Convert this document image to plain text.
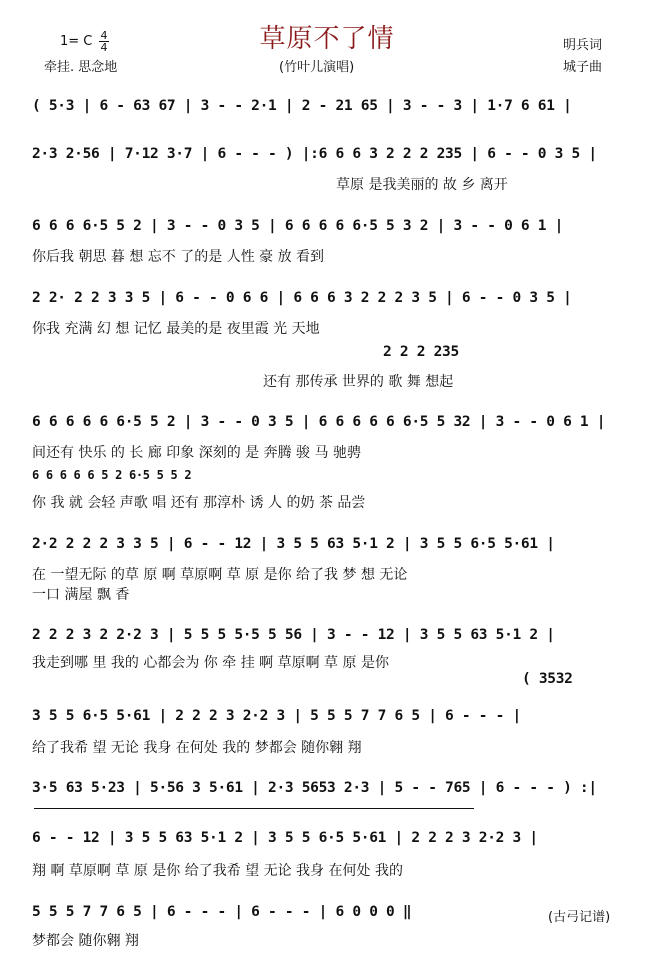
草原不了情
1= C 4
4
牵挂. 思念地	(竹叶儿演唱)
明兵词
城子曲
( 5·3 | 6 - 63 67 | 3 - - 2·1 | 2 - 21 65 | 3 - - 3 | 1·7 6 61 |
2·3 2·56 | 7·12 3·7 | 6 - - - ) |:6 6 6 3 2 2 2 235 | 6 - - 0 3 5 |
草原 是我美丽的 故 乡 离开
6 6 6 6·5 5 2 | 3 - - 0 3 5 | 6 6 6 6 6·5 5 3 2 | 3 - - 0 6 1 |
你后我 朝思 暮 想 忘不 了的是 人性 豪 放 看到
2 2· 2 2 3 3 5 | 6 - - 0 6 6 | 6 6 6 3 2 2 2 3 5 | 6 - - 0 3 5 |
你我 充满 幻 想 记忆 最美的是 夜里霞 光 天地
2 2 2 235
还有 那传承 世界的 歌 舞 想起
6 6 6 6 6 6·5 5 2 | 3 - - 0 3 5 | 6 6 6 6 6 6·5 5 32 | 3 - - 0 6 1 |
间还有 快乐 的 长 廊 印象 深刻的 是 奔腾 骏 马 驰骋
6 6 6 6 6 5 2 6·5 5 5 2
你 我 就 会轻 声歌 唱 还有 那淳朴 诱 人 的奶 茶 品尝
2·2 2 2 2 3 3 5 | 6 - - 12 | 3 5 5 63 5·1 2 | 3 5 5 6·5 5·61 |
在 一望无际 的草 原 啊 草原啊 草 原 是你 给了我 梦 想 无论
一口 满屋 飘 香
2 2 2 3 2 2·2 3 | 5 5 5 5·5 5 56 | 3 - - 12 | 3 5 5 63 5·1 2 |
我走到哪 里 我的 心都会为 你 牵 挂 啊 草原啊 草 原 是你
( 3532
3 5 5 6·5 5·61 | 2 2 2 3 2·2 3 | 5 5 5 7 7 6 5 | 6 - - - |
给了我希 望 无论 我身 在何处 我的 梦都会 随你翱 翔
3·5 63 5·23 | 5·56 3 5·61 | 2·3 5653 2·3 | 5 - - 765 | 6 - - - ) :|
6 - - 12 | 3 5 5 63 5·1 2 | 3 5 5 6·5 5·61 | 2 2 2 3 2·2 3 |
翔 啊 草原啊 草 原 是你 给了我希 望 无论 我身 在何处 我的
5 5 5 7 7 6 5 | 6 - - - | 6 - - - | 6 0 0 0 ‖
梦都会 随你翱 翔
(古弓记谱)
